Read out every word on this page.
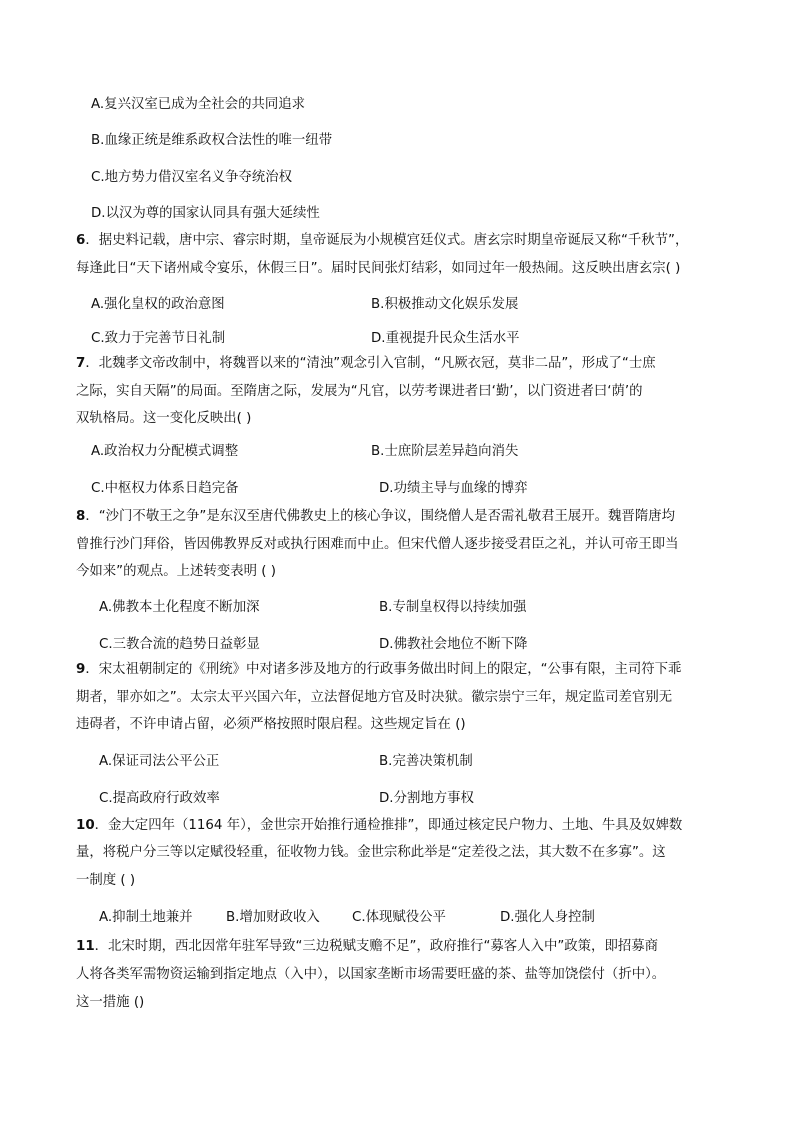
A.复兴汉室已成为全社会的共同追求
B.血缘正统是维系政权合法性的唯一纽带
C.地方势力借汉室名义争夺统治权
D.以汉为尊的国家认同具有强大延续性
6．据史料记载，唐中宗、睿宗时期，皇帝诞辰为小规模宫廷仪式。唐玄宗时期皇帝诞辰又称“千秋节”，
每逢此日“天下诸州咸令宴乐，休假三日”。届时民间张灯结彩，如同过年一般热闹。这反映出唐玄宗( )
A.强化皇权的政治意图	B.积极推动文化娱乐发展
C.致力于完善节日礼制	D.重视提升民众生活水平
7．北魏孝文帝改制中，将魏晋以来的“清浊”观念引入官制，“凡厥衣冠，莫非二品”，形成了“士庶
之际，实自天隔”的局面。至隋唐之际，发展为“凡官，以劳考课进者曰‘勤’，以门资进者曰‘荫’的
双轨格局。这一变化反映出( )
A.政治权力分配模式调整	B.士庶阶层差异趋向消失
C.中枢权力体系日趋完备	D.功绩主导与血缘的博弈
8．“沙门不敬王之争”是东汉至唐代佛教史上的核心争议，围绕僧人是否需礼敬君王展开。魏晋隋唐均
曾推行沙门拜俗，皆因佛教界反对或执行困难而中止。但宋代僧人逐步接受君臣之礼，并认可帝王即当
今如来”的观点。上述转变表明 ( )
A.佛教本土化程度不断加深	B.专制皇权得以持续加强
C.三教合流的趋势日益彰显	D.佛教社会地位不断下降
9．宋太祖朝制定的《刑统》中对诸多涉及地方的行政事务做出时间上的限定，“公事有限，主司符下乖
期者，罪亦如之”。太宗太平兴国六年，立法督促地方官及时决狱。徽宗崇宁三年，规定监司差官别无
违碍者，不许申请占留，必须严格按照时限启程。这些规定旨在 ()
A.保证司法公平公正	B.完善决策机制
C.提高政府行政效率	D.分割地方事权
10．金大定四年（1164 年），金世宗开始推行通检推排”，即通过核定民户物力、土地、牛具及奴婢数
量，将税户分三等以定赋役轻重，征收物力钱。金世宗称此举是“定差役之法，其大数不在多寡”。这
一制度 ( )
A.抑制土地兼并 B.增加财政收入 C.体现赋役公平	D.强化人身控制
11．北宋时期，西北因常年驻军导致“三边税赋支赡不足”，政府推行“募客人入中”政策，即招募商
人将各类军需物资运输到指定地点（入中），以国家垄断市场需要旺盛的茶、盐等加饶偿付（折中）。
这一措施 ()
